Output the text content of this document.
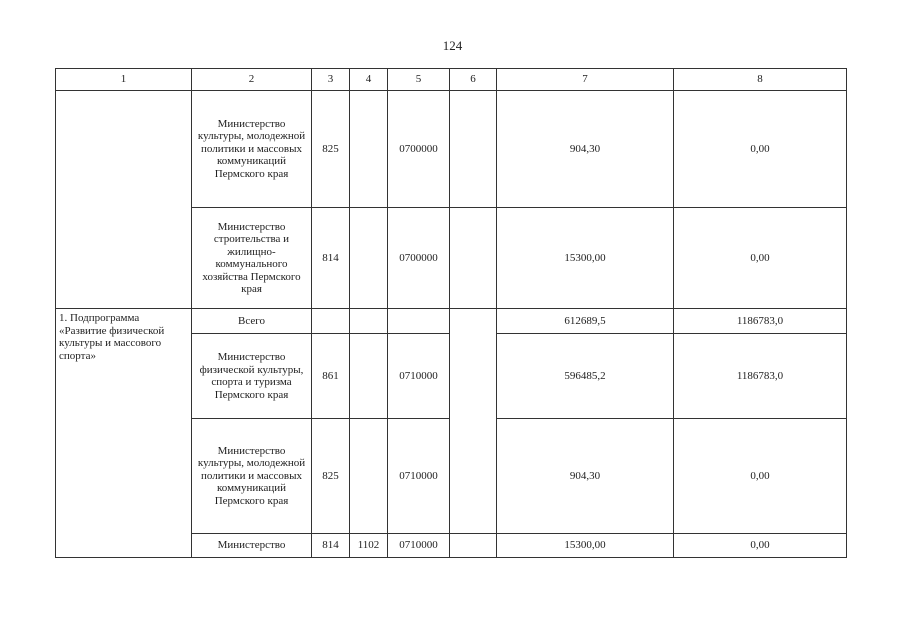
124
1	2	3	4	5	6	7	8
	Министерство культуры, молодежной политики и массовых коммуникаций Пермского края	825		0700000		904,30	0,00
	Министерство строительства и жилищно-коммунального хозяйства Пермского края	814		0700000		15300,00	0,00
1. Подпрограмма «Развитие физической культуры и массового спорта»	Всего					612689,5	1186783,0
	Министерство физической культуры, спорта и туризма Пермского края	861		0710000		596485,2	1186783,0
	Министерство культуры, молодежной политики и массовых коммуникаций Пермского края	825		0710000		904,30	0,00
	Министерство	814	1102	0710000		15300,00	0,00
